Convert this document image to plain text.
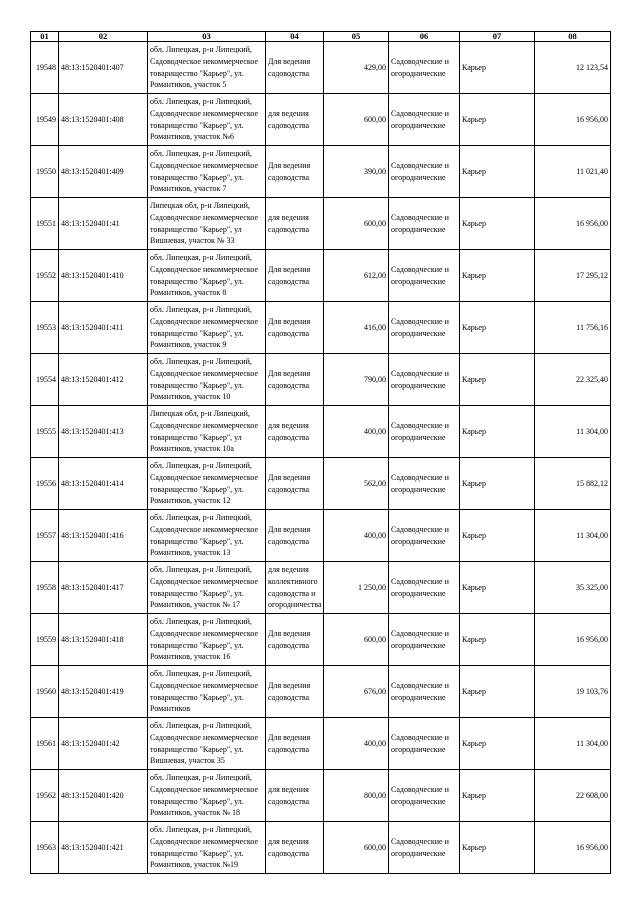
01	02	03	04	05	06	07	08
19548	48:13:1520401:407	обл. Липецкая, р-н Липецкий, Садоводческое некоммерческое товарищество "Карьер", ул. Романтиков, участок 5	Для ведения садоводства	429,00	Садоводческие и огороднические	Карьер	12 123,54
19549	48:13:1520401:408	обл. Липецкая, р-н Липецкий, Садоводческое некоммерческое товарищество "Карьер", ул. Романтиков, участок №6	для ведения садоводства	600,00	Садоводческие и огороднические	Карьер	16 956,00
19550	48:13:1520401:409	обл. Липецкая, р-н Липецкий, Садоводческое некоммерческое товарищество "Карьер", ул. Романтиков, участок 7	Для ведения садоводства	390,00	Садоводческие и огороднические	Карьер	11 021,40
19551	48:13:1520401:41	Липецкая обл, р-н Липецкий, Садоводческое некоммерческое товарищество "Карьер", ул Вишневая, участок № 33	для ведения садоводства	600,00	Садоводческие и огороднические	Карьер	16 956,00
19552	48:13:1520401:410	обл. Липецкая, р-н Липецкий, Садоводческое некоммерческое товарищество "Карьер", ул. Романтиков, участок 8	Для ведения садоводства	612,00	Садоводческие и огороднические	Карьер	17 295,12
19553	48:13:1520401:411	обл. Липецкая, р-н Липецкий, Садоводческое некоммерческое товарищество "Карьер", ул. Романтиков, участок 9	Для ведения садоводства	416,00	Садоводческие и огороднические	Карьер	11 756,16
19554	48:13:1520401:412	обл. Липецкая, р-н Липецкий, Садоводческое некоммерческое товарищество "Карьер", ул. Романтиков, участок 10	Для ведения садоводства	790,00	Садоводческие и огороднические	Карьер	22 325,40
19555	48:13:1520401:413	Липецкая обл, р-н Липецкий, Садоводческое некоммерческое товарищество "Карьер", ул Романтиков, участок 10а	для ведения садоводства	400,00	Садоводческие и огороднические	Карьер	11 304,00
19556	48:13:1520401:414	обл. Липецкая, р-н Липецкий, Садоводческое некоммерческое товарищество "Карьер", ул. Романтиков, участок 12	Для ведения садоводства	562,00	Садоводческие и огороднические	Карьер	15 882,12
19557	48:13:1520401:416	обл. Липецкая, р-н Липецкий, Садоводческое некоммерческое товарищество "Карьер", ул. Романтиков, участок 13	Для ведения садоводства	400,00	Садоводческие и огороднические	Карьер	11 304,00
19558	48:13:1520401:417	обл. Липецкая, р-н Липецкий, Садоводческое некоммерческое товарищество "Карьер", ул. Романтиков, участок № 17	для ведения коллективного садоводства и огородничества	1 250,00	Садоводческие и огороднические	Карьер	35 325,00
19559	48:13:1520401:418	обл. Липецкая, р-н Липецкий, Садоводческое некоммерческое товарищество "Карьер", ул. Романтиков, участок 16	Для ведения садоводства	600,00	Садоводческие и огороднические	Карьер	16 956,00
19560	48:13:1520401:419	обл. Липецкая, р-н Липецкий, Садоводческое некоммерческое товарищество "Карьер", ул. Романтиков	Для ведения садоводства	676,00	Садоводческие и огороднические	Карьер	19 103,76
19561	48:13:1520401:42	обл. Липецкая, р-н Липецкий, Садоводческое некоммерческое товарищество "Карьер", ул. Вишневая, участок 35	Для ведения садоводства	400,00	Садоводческие и огороднические	Карьер	11 304,00
19562	48:13:1520401:420	обл. Липецкая, р-н Липецкий, Садоводческое некоммерческое товарищество "Карьер", ул. Романтиков, участок № 18	для ведения садоводства	800,00	Садоводческие и огороднические	Карьер	22 608,00
19563	48:13:1520401:421	обл. Липецкая, р-н Липецкий, Садоводческое некоммерческое товарищество "Карьер", ул. Романтиков, участок №19	для ведения садоводства	600,00	Садоводческие и огороднические	Карьер	16 956,00
